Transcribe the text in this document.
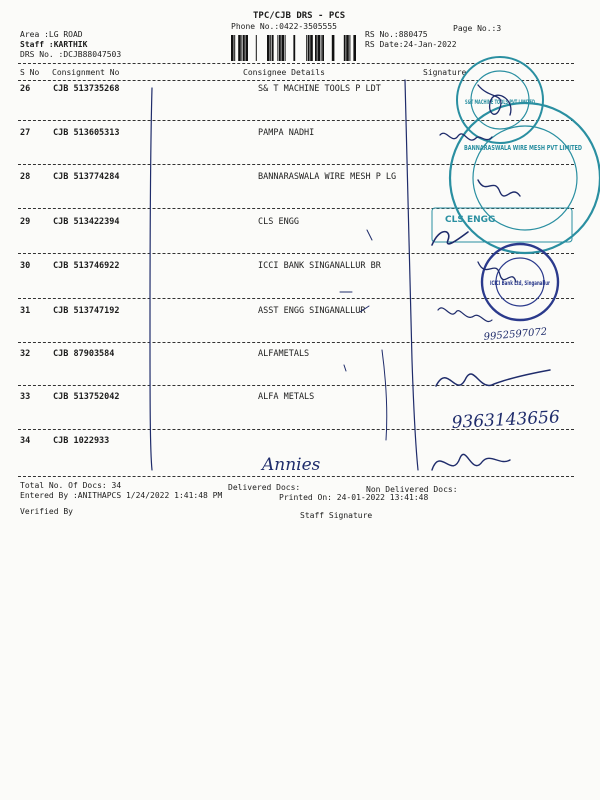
TPC/CJB DRS - PCS
Phone No.:0422-3505555
Area :LG ROAD
Staff :KARTHIK
DRS No. :DCJB88047503
RS No.:880475
RS Date:24-Jan-2022
Page No.:3
S No Consignment No	Consignee Details	Signature
26	CJB 513735268	S& T MACHINE TOOLS P LDT
27	CJB 513605313	PAMPA NADHI
28	CJB 513774284	BANNARASWALA WIRE MESH P LG
29	CJB 513422394	CLS ENGG
30	CJB 513746922	ICCI BANK SINGANALLUR BR
31	CJB 513747192	ASST ENGG SINGANALLUR
32	CJB 87903584	ALFAMETALS
33	CJB 513752042	ALFA METALS
34	CJB 1022933
Total No. Of Docs: 34	Delivered Docs:	Non Delivered Docs:
Entered By :ANITHAPCS 1/24/2022 1:41:48 PM	Printed On: 24-01-2022 13:41:48
Verified By	Staff Signature
S&T MACHINE TOOLS PVT LIMITED
BANNARASWALA WIRE MESH PVT LIMITED
CLS ENGG
ICICI Bank Ltd, Singanallur
9952597072
9363143656
Annies
